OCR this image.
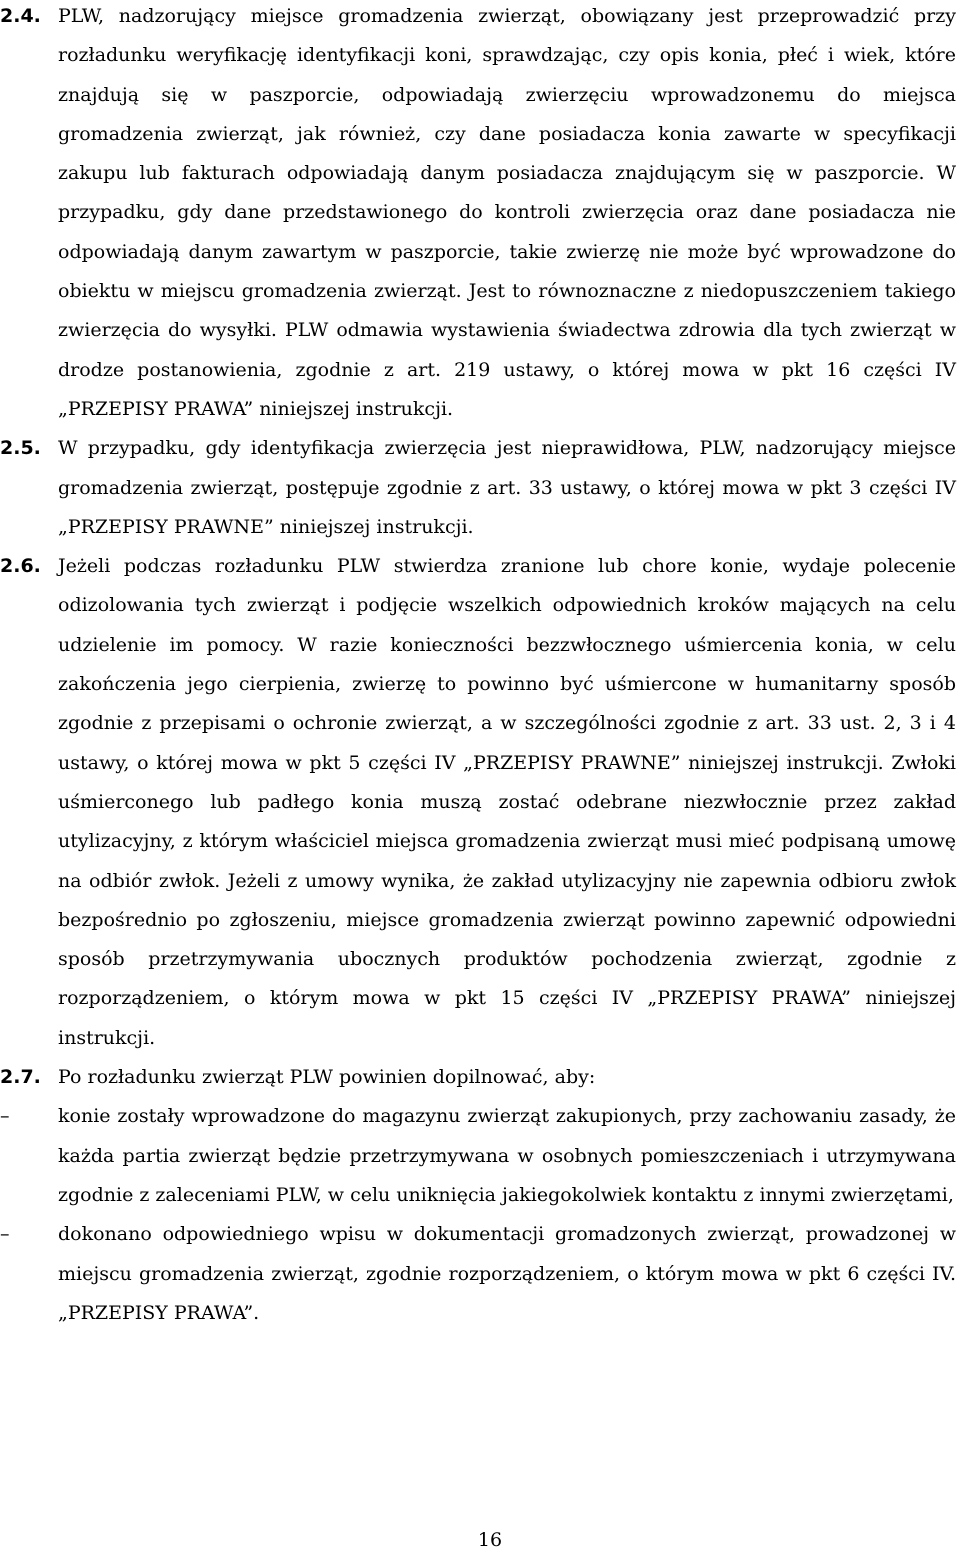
2.4. PLW, nadzorujący miejsce gromadzenia zwierząt, obowiązany jest przeprowadzić przy rozładunku weryfikację identyfikacji koni, sprawdzając, czy opis konia, płeć i wiek, które znajdują się w paszporcie, odpowiadają zwierzęciu wprowadzonemu do miejsca gromadzenia zwierząt, jak również, czy dane posiadacza konia zawarte w specyfikacji zakupu lub fakturach odpowiadają danym posiadacza znajdującym się w paszporcie. W przypadku, gdy dane przedstawionego do kontroli zwierzęcia oraz dane posiadacza nie odpowiadają danym zawartym w paszporcie, takie zwierzę nie może być wprowadzone do obiektu w miejscu gromadzenia zwierząt. Jest to równoznaczne z niedopuszczeniem takiego zwierzęcia do wysyłki. PLW odmawia wystawienia świadectwa zdrowia dla tych zwierząt w drodze postanowienia, zgodnie z art. 219 ustawy, o której mowa w pkt 16 części IV „PRZEPISY PRAWA” niniejszej instrukcji.

2.5. W przypadku, gdy identyfikacja zwierzęcia jest nieprawidłowa, PLW, nadzorujący miejsce gromadzenia zwierząt, postępuje zgodnie z art. 33 ustawy, o której mowa w pkt 3 części IV „PRZEPISY PRAWNE” niniejszej instrukcji.

2.6. Jeżeli podczas rozładunku PLW stwierdza zranione lub chore konie, wydaje polecenie odizolowania tych zwierząt i podjęcie wszelkich odpowiednich kroków mających na celu udzielenie im pomocy. W razie konieczności bezzwłocznego uśmiercenia konia, w celu zakończenia jego cierpienia, zwierzę to powinno być uśmiercone w humanitarny sposób zgodnie z przepisami o ochronie zwierząt, a w szczególności zgodnie z art. 33 ust. 2, 3 i 4 ustawy, o której mowa w pkt 5 części IV „PRZEPISY PRAWNE” niniejszej instrukcji. Zwłoki uśmierconego lub padłego konia muszą zostać odebrane niezwłocznie przez zakład utylizacyjny, z którym właściciel miejsca gromadzenia zwierząt musi mieć podpisaną umowę na odbiór zwłok. Jeżeli z umowy wynika, że zakład utylizacyjny nie zapewnia odbioru zwłok bezpośrednio po zgłoszeniu, miejsce gromadzenia zwierząt powinno zapewnić odpowiedni sposób przetrzymywania ubocznych produktów pochodzenia zwierząt, zgodnie z rozporządzeniem, o którym mowa w pkt 15 części IV „PRZEPISY PRAWA” niniejszej instrukcji.

2.7. Po rozładunku zwierząt PLW powinien dopilnować, aby:

–	konie zostały wprowadzone do magazynu zwierząt zakupionych, przy zachowaniu zasady, że każda partia zwierząt będzie przetrzymywana w osobnych pomieszczeniach i utrzymywana zgodnie z zaleceniami PLW, w celu uniknięcia jakiegokolwiek kontaktu z innymi zwierzętami,

–	dokonano odpowiedniego wpisu w dokumentacji gromadzonych zwierząt, prowadzonej w miejscu gromadzenia zwierząt, zgodnie rozporządzeniem, o którym mowa w pkt 6 części IV. „PRZEPISY PRAWA”.

16
